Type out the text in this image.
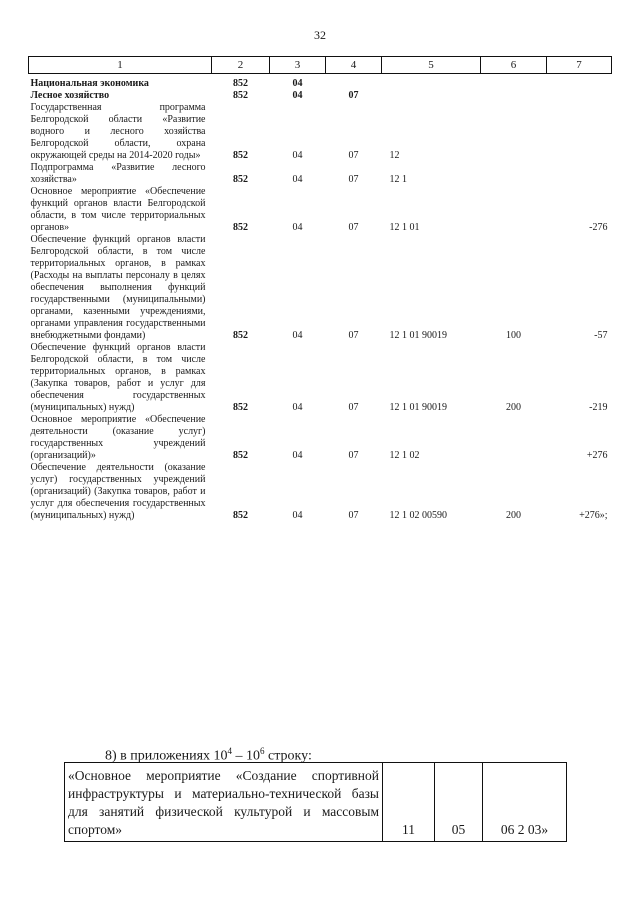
32
1	2	3	4	5	6	7

Национальная экономика	852	04				
Лесное хозяйство	852	04	07			
Государственная программа Белгородской области «Развитие водного и лесного хозяйства Белгородской области, охрана окружающей среды на 2014-2020 годы»	852	04	07	12		
Подпрограмма «Развитие лесного хозяйства»	852	04	07	12 1		
Основное мероприятие «Обеспечение функций органов власти Белгородской области, в том числе территориальных органов»	852	04	07	12 1 01		-276
Обеспечение функций органов власти Белгородской области, в том числе территориальных органов, в рамках (Расходы на выплаты персоналу в целях обеспечения выполнения функций государственными (муниципальными) органами, казенными учреждениями, органами управления государственными внебюджетными фондами)	852	04	07	12 1 01 90019	100	-57
Обеспечение функций органов власти Белгородской области, в том числе территориальных органов, в рамках (Закупка товаров, работ и услуг для обеспечения государственных (муниципальных) нужд)	852	04	07	12 1 01 90019	200	-219
Основное мероприятие «Обеспечение деятельности (оказание услуг) государственных учреждений (организаций)»	852	04	07	12 1 02		+276
Обеспечение деятельности (оказание услуг) государственных учреждений (организаций) (Закупка товаров, работ и услуг для обеспечения государственных (муниципальных) нужд)	852	04	07	12 1 02 00590	200	+276»;
8) в приложениях $10^4 - 10^6$ строку:
«Основное мероприятие «Создание спортивной инфраструктуры и материально-технической базы для занятий физической культурой и массовым спортом»	11	05	06 2 03»
